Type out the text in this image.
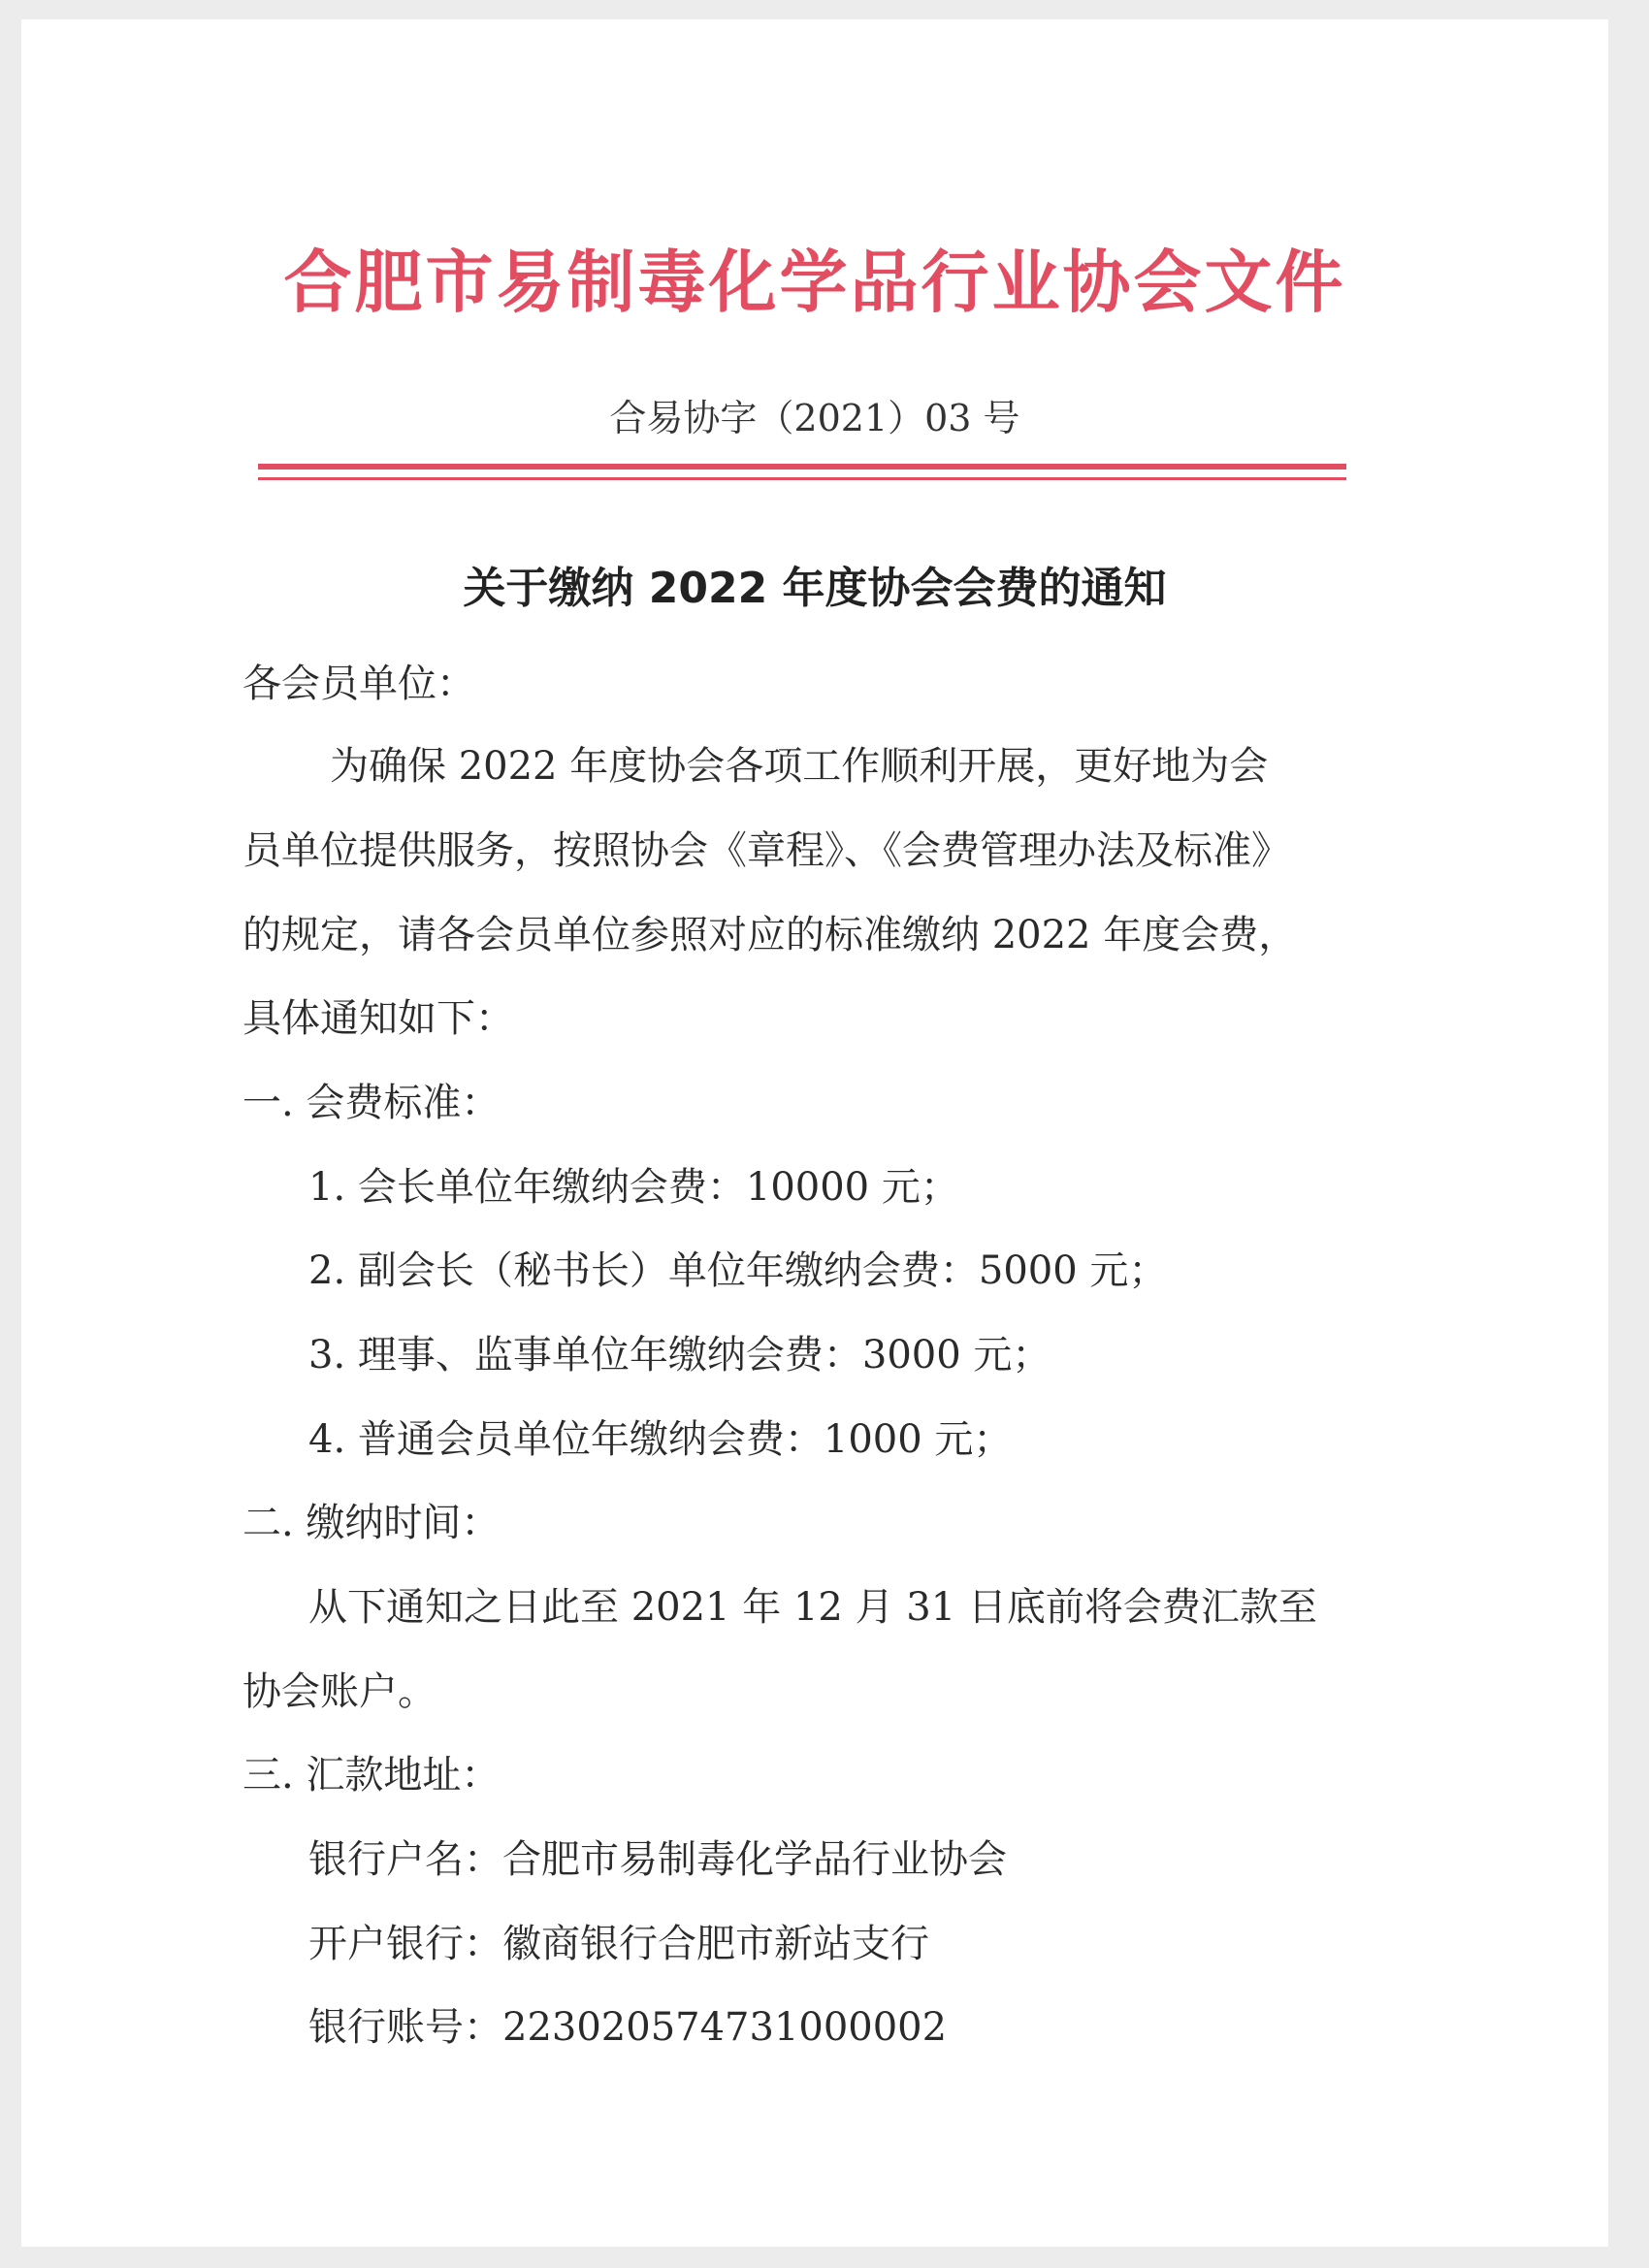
合肥市易制毒化学品行业协会文件
合易协字（2021）03 号
关于缴纳 2022 年度协会会费的通知
各会员单位：
为确保 2022 年度协会各项工作顺利开展，更好地为会
员单位提供服务，按照协会《章程》、《会费管理办法及标准》
的规定，请各会员单位参照对应的标准缴纳 2022 年度会费，
具体通知如下：
一. 会费标准：
1. 会长单位年缴纳会费：10000 元；
2. 副会长（秘书长）单位年缴纳会费：5000 元；
3. 理事、监事单位年缴纳会费：3000 元；
4. 普通会员单位年缴纳会费：1000 元；
二. 缴纳时间：
从下通知之日此至 2021 年 12 月 31 日底前将会费汇款至
协会账户。
三. 汇款地址：
银行户名：合肥市易制毒化学品行业协会
开户银行：徽商银行合肥市新站支行
银行账号：223020574731000002
